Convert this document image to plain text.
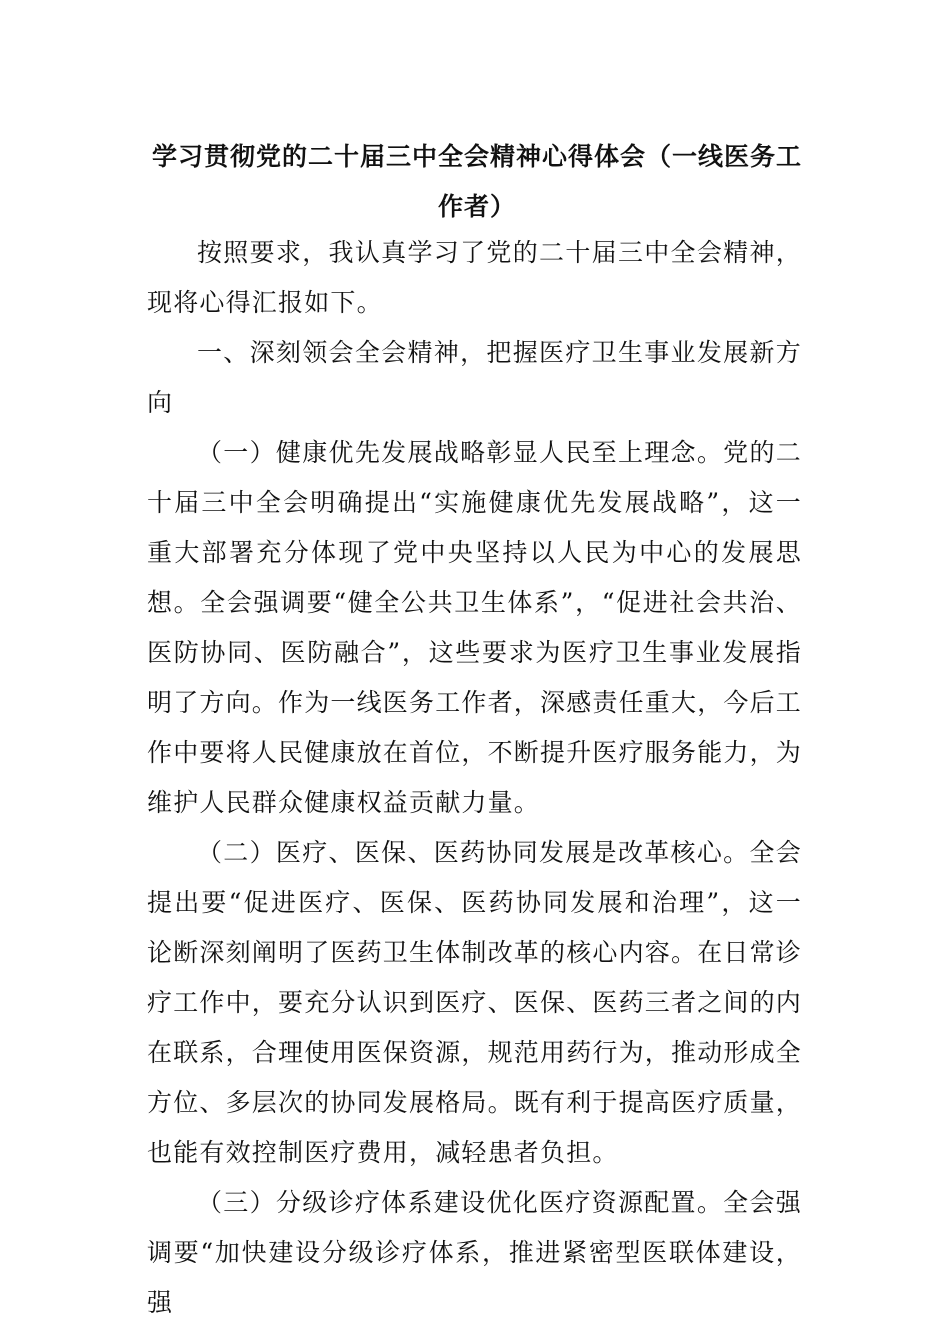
学习贯彻党的二十届三中全会精神心得体会（一线医务工作者）

按照要求，我认真学习了党的二十届三中全会精神，现将心得汇报如下。

一、深刻领会全会精神，把握医疗卫生事业发展新方向

（一）健康优先发展战略彰显人民至上理念。党的二十届三中全会明确提出“实施健康优先发展战略”，这一重大部署充分体现了党中央坚持以人民为中心的发展思想。全会强调要“健全公共卫生体系”，“促进社会共治、医防协同、医防融合”，这些要求为医疗卫生事业发展指明了方向。作为一线医务工作者，深感责任重大，今后工作中要将人民健康放在首位，不断提升医疗服务能力，为维护人民群众健康权益贡献力量。

（二）医疗、医保、医药协同发展是改革核心。全会提出要“促进医疗、医保、医药协同发展和治理”，这一论断深刻阐明了医药卫生体制改革的核心内容。在日常诊疗工作中，要充分认识到医疗、医保、医药三者之间的内在联系，合理使用医保资源，规范用药行为，推动形成全方位、多层次的协同发展格局。既有利于提高医疗质量，也能有效控制医疗费用，减轻患者负担。

（三）分级诊疗体系建设优化医疗资源配置。全会强调要“加快建设分级诊疗体系，推进紧密型医联体建设，强
